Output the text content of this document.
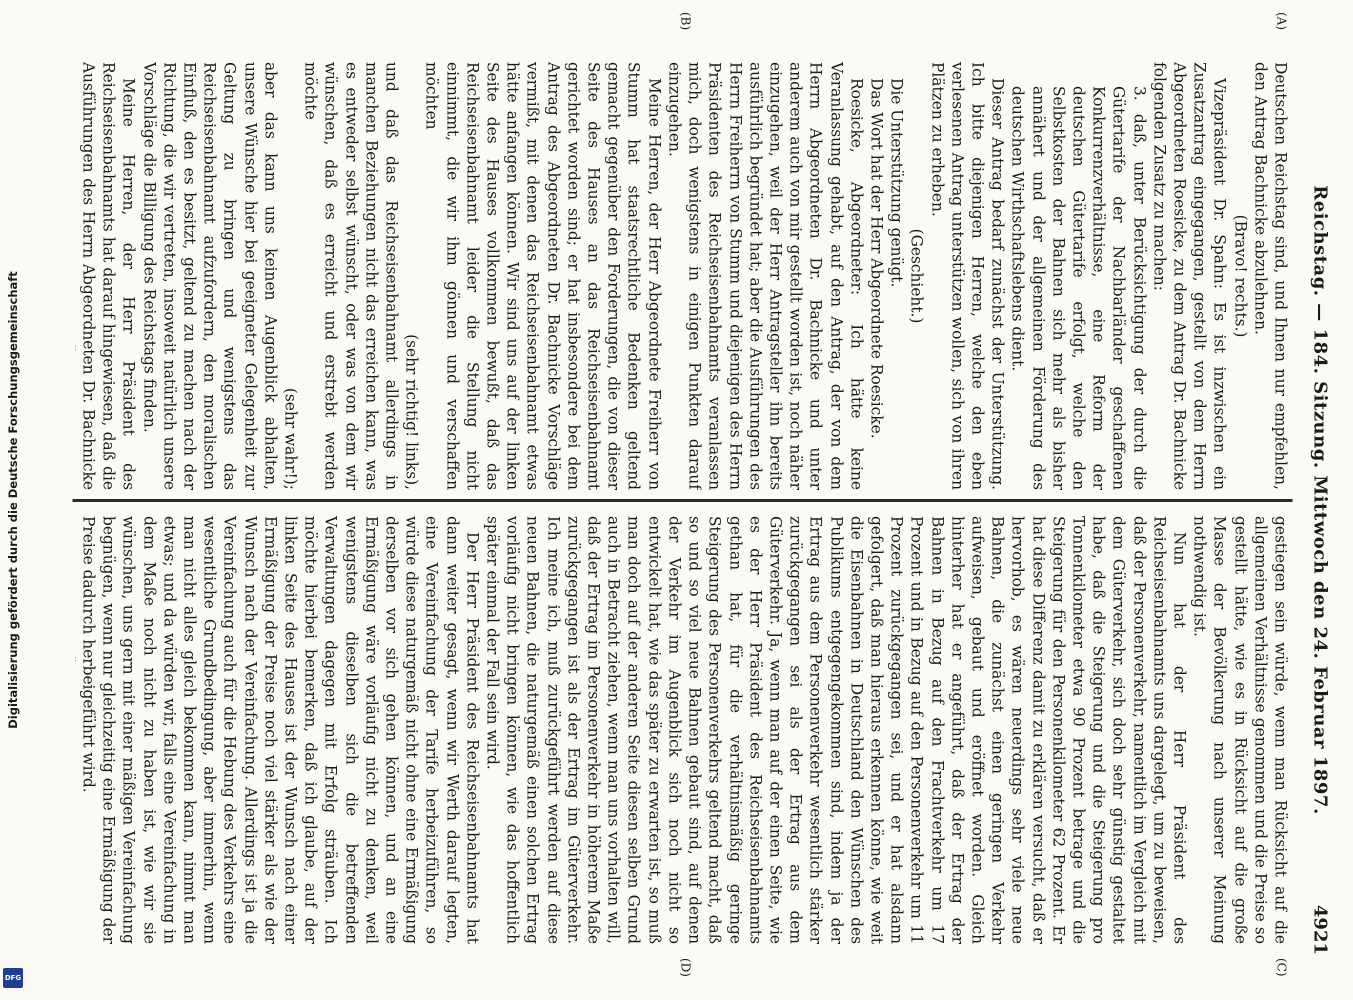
Reichstag. — 184. Sitzung. Mittwoch den 24. Februar 1897.
4921
(A)
(B)
(C)
(D)

Deutschen Reichstag sind, und Ihnen nur empfehlen, den Antrag Bachnicke abzulehnen.

(Bravo! rechts.)

Vizepräsident Dr. Spahn: Es ist inzwischen ein Zusatzantrag eingegangen, gestellt von dem Herrn Abgeordneten Roesicke, zu dem Antrag Dr. Bachnicke folgenden Zusatz zu machen:

3. daß, unter Berücksichtigung der durch die Gütertarife der Nachbarländer geschaffenen Konkurrenzverhältnisse, eine Reform der deutschen Gütertarife erfolgt, welche den Selbstkosten der Bahnen sich mehr als bisher annähert und der allgemeinen Förderung des deutschen Wirthschaftslebens dient.

Dieser Antrag bedarf zunächst der Unterstützung. Ich bitte diejenigen Herren, welche den eben verlesenen Antrag unterstützen wollen, sich von ihren Plätzen zu erheben.

(Geschieht.)

Die Unterstützung genügt.

Das Wort hat der Herr Abgeordnete Roesicke.

Roesicke, Abgeordneter: Ich hätte keine Veranlassung gehabt, auf den Antrag, der von dem Herrn Abgeordneten Dr. Bachnicke und unter anderem auch von mir gestellt worden ist, noch näher einzugehen, weil der Herr Antragsteller ihn bereits ausführlich begründet hat; aber die Ausführungen des Herrn Freiherrn von Stumm und diejenigen des Herrn Präsidenten des Reichseisenbahnamts veranlassen mich, doch wenigstens in einigen Punkten darauf einzugehen.

Meine Herren, der Herr Abgeordnete Freiherr von Stumm hat staatsrechtliche Bedenken geltend gemacht gegenüber den Forderungen, die von dieser Seite des Hauses an das Reichseisenbahnamt gerichtet worden sind; er hat insbesondere bei dem Antrag des Abgeordneten Dr. Bachnicke Vorschläge vermißt, mit denen das Reichseisenbahnamt etwas hätte anfangen können. Wir sind uns auf der linken Seite des Hauses vollkommen bewußt, daß das Reichseisenbahnamt leider die Stellung nicht einnimmt, die wir ihm gönnen und verschaffen möchten

(sehr richtig! links),

und daß das Reichseisenbahnamt allerdings in manchen Beziehungen nicht das erreichen kann, was es entweder selbst wünscht, oder was von dem wir wünschen, daß es erreicht und erstrebt werden möchte

(sehr wahr!);

aber das kann uns keinen Augenblick abhalten, unsere Wünsche hier bei geeigneter Gelegenheit zur Geltung zu bringen und wenigstens das Reichseisenbahnamt aufzufordern, den moralischen Einfluß, den es besitzt, geltend zu machen nach der Richtung, die wir vertreten, insoweit natürlich unsere Vorschläge die Billigung des Reichstags finden.

Meine Herren, der Herr Präsident des Reichseisenbahnamts hat darauf hingewiesen, daß die Ausführungen des Herrn Abgeordneten Dr. Bachnicke

gestiegen sein würde, wenn man Rücksicht auf die allgemeinen Verhältnisse genommen und die Preise so gestellt hätte, wie es in Rücksicht auf die große Masse der Bevölkerung nach unserer Meinung nothwendig ist.

Nun hat der Herr Präsident des Reichseisenbahnamts uns dargelegt, um zu beweisen, daß der Personenverkehr, namentlich im Vergleich mit dem Güterverkehr, sich doch sehr günstig gestaltet habe, daß die Steigerung und die Steigerung pro Tonnenkilometer etwa 90 Prozent betrage und die Steigerung für den Personenkilometer 62 Prozent. Er hat diese Differenz damit zu erklären versucht, daß er hervorhob, es wären neuerdings sehr viele neue Bahnen, die zunächst einen geringen Verkehr aufweisen, gebaut und eröffnet worden. Gleich hinterher hat er angeführt, daß der Ertrag der Bahnen in Bezug auf den Frachtverkehr um 17 Prozent und in Bezug auf den Personenverkehr um 11 Prozent zurückgegangen sei, und er hat alsdann gefolgert, daß man hieraus erkennen könne, wie weit die Eisenbahnen in Deutschland den Wünschen des Publikums entgegengekommen sind, indem ja der Ertrag aus dem Personenverkehr wesentlich stärker zurückgegangen sei als der Ertrag aus dem Güterverkehr. Ja, wenn man auf der einen Seite, wie es der Herr Präsident des Reichseisenbahnamts gethan hat, für die verhältnismäßig geringe Steigerung des Personenverkehrs geltend macht, daß so und so viel neue Bahnen gebaut sind, auf denen der Verkehr im Augenblick sich noch nicht so entwickelt hat, wie das später zu erwarten ist, so muß man doch auf der anderen Seite diesen selben Grund auch in Betracht ziehen, wenn man uns vorhalten will, daß der Ertrag im Personenverkehr in höherem Maße zurückgegangen ist als der Ertrag im Güterverkehr. Ich meine ich, muß zurückgeführt werden auf diese neuen Bahnen, die naturgemäß einen solchen Ertrag vorläufig nicht bringen können, wie das hoffentlich später einmal der Fall sein wird.

Der Herr Präsident des Reichseisenbahnamts hat dann weiter gesagt, wenn wir Werth darauf legten, eine Vereinfachung der Tarife herbeizuführen, so würde diese naturgemäß nicht ohne eine Ermäßigung derselben vor sich gehen können, und an eine Ermäßigung wäre vorläufig nicht zu denken, weil wenigstens dieselben sich die betreffenden Verwaltungen dagegen mit Erfolg sträuben. Ich möchte hierbei bemerken, daß ich glaube, auf der linken Seite des Hauses ist der Wunsch nach einer Ermäßigung der Preise noch viel stärker als wie der Wunsch nach der Vereinfachung. Allerdings ist ja die Vereinfachung auch für die Hebung des Verkehrs eine wesentliche Grundbedingung, aber immerhin, wenn man nicht alles gleich bekommen kann, nimmt man etwas; und da würden wir, falls eine Vereinfachung in dem Maße noch nicht zu haben ist, wie wir sie wünschen, uns gern mit einer mäßigen Vereinfachung begnügen, wenn nur gleichzeitig eine Ermäßigung der Preise dadurch herbeigeführt wird.

Digitalisierung gefördert durch die Deutsche Forschungsgemeinschaft
DFG
